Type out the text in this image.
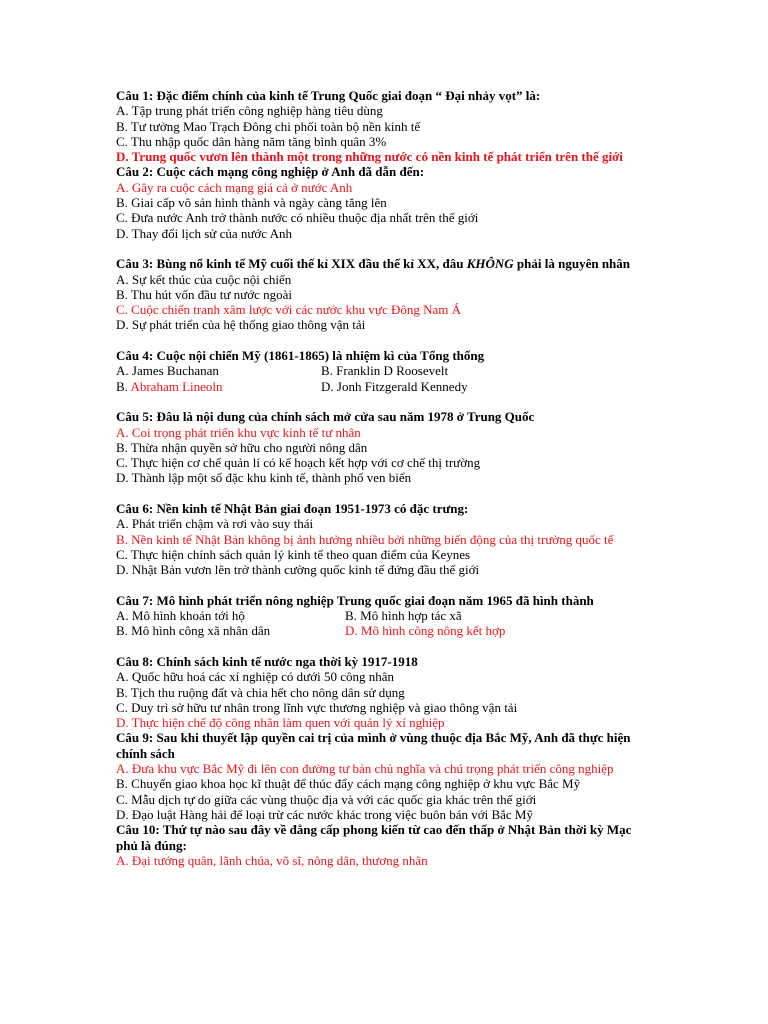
Câu 1: Đặc điểm chính của kinh tế Trung Quốc giai đoạn “ Đại nhảy vọt” là:
A. Tập trung phát triển công nghiệp hàng tiêu dùng
B. Tư tưởng Mao Trạch Đông chi phối toàn bộ nền kinh tế
C. Thu nhập quốc dân hàng năm tăng bình quân 3%
D. Trung quốc vươn lên thành một trong những nước có nền kinh tế phát triển trên thế giới
Câu 2: Cuộc cách mạng công nghiệp ở Anh đã dẫn đến:
A. Gây ra cuộc cách mạng giá cả ở nước Anh
B. Giai cấp vô sản hình thành và ngày càng tăng lên
C. Đưa nước Anh trở thành nước có nhiều thuộc địa nhất trên thế giới
D. Thay đổi lịch sử của nước Anh
Câu 3: Bùng nổ kinh tế Mỹ cuối thế kỉ XIX đầu thế kỉ XX, đâu KHÔNG phải là nguyên nhân
A. Sự kết thúc của cuộc nội chiến
B. Thu hút vốn đầu tư nước ngoài
C. Cuộc chiến tranh xâm lược với các nước khu vực Đông Nam Á
D. Sự phát triển của hệ thống giao thông vận tải
Câu 4: Cuộc nội chiến Mỹ (1861-1865) là nhiệm kì của Tổng thống
A. James Buchanan	B. Franklin D Roosevelt
B. Abraham Lineoln	D. Jonh Fitzgerald Kennedy
Câu 5: Đâu là nội dung của chính sách mở cửa sau năm 1978 ở Trung Quốc
A. Coi trọng phát triển khu vực kinh tế tư nhân
B. Thừa nhận quyền sở hữu cho người nông dân
C. Thực hiện cơ chế quản lí có kế hoạch kết hợp với cơ chế thị trường
D. Thành lập một số đặc khu kinh tế, thành phố ven biển
Câu 6: Nền kinh tế Nhật Bản giai đoạn 1951-1973 có đặc trưng:
A. Phát triển chậm và rơi vào suy thái
B. Nền kinh tế Nhật Bản không bị ảnh hưởng nhiều bởi những biến động của thị trường quốc tế
C. Thực hiện chính sách quản lý kinh tế theo quan điểm của Keynes
D. Nhật Bản vươn lên trở thành cường quốc kinh tế đứng đầu thế giới
Câu 7: Mô hình phát triển nông nghiệp Trung quốc giai đoạn năm 1965 đã hình thành
A. Mô hình khoán tới hộ	B. Mô hình hợp tác xã
B. Mô hình công xã nhân dân	D. Mô hình công nông kết hợp
Câu 8: Chính sách kinh tế nước nga thời kỳ 1917-1918
A. Quốc hữu hoá các xí nghiệp có dưới 50 công nhân
B. Tịch thu ruộng đất và chia hết cho nông dân sử dụng
C. Duy trì sở hữu tư nhân trong lĩnh vực thương nghiệp và giao thông vận tải
D. Thực hiện chế độ công nhân làm quen với quản lý xí nghiệp
Câu 9: Sau khi thuyết lập quyền cai trị của mình ở vùng thuộc địa Bắc Mỹ, Anh đã thực hiện chính sách
A. Đưa khu vực Bắc Mỹ đi lên con đường tư bản chủ nghĩa và chú trọng phát triển công nghiệp
B. Chuyển giao khoa học kĩ thuật để thúc đẩy cách mạng công nghiệp ở khu vực Bắc Mỹ
C. Mẫu dịch tự do giữa các vùng thuộc địa và với các quốc gia khác trên thế giới
D. Đạo luật Hàng hải để loại trừ các nước khác trong việc buôn bán với Bắc Mỹ
Câu 10: Thứ tự nào sau đây về đẳng cấp phong kiến từ cao đến thấp ở Nhật Bản thời kỳ Mạc phủ là đúng:
A. Đại tướng quân, lãnh chúa, võ sĩ, nông dân, thương nhân
